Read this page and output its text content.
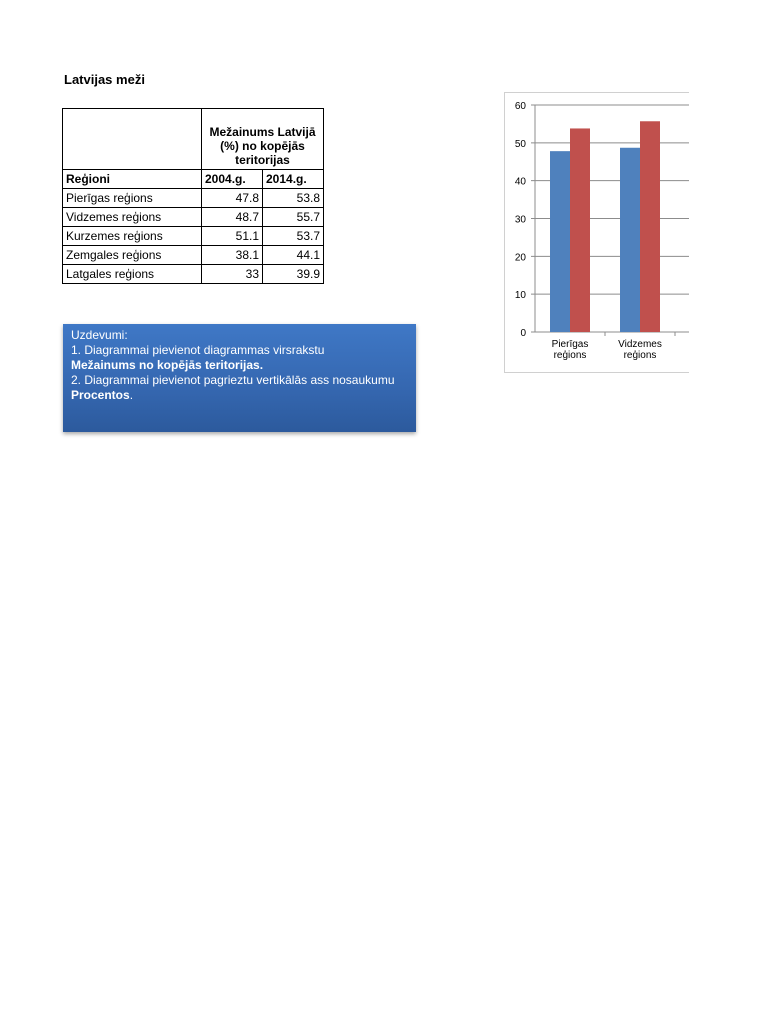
Latvijas meži
	Mežainums Latvijā (%) no kopējās teritorijas	
Reģioni	2004.g.	2014.g.
Pierīgas reģions	47.8	53.8
Vidzemes reģions	48.7	55.7
Kurzemes reģions	51.1	53.7
Zemgales reģions	38.1	44.1
Latgales reģions	33	39.9
Uzdevumi:
1. Diagrammai pievienot diagrammas virsrakstu
Mežainums no kopējās teritorijas.
2. Diagrammai pievienot pagrieztu vertikālās ass nosaukumu Procentos.
0
10
20
30
40
50
60
Pierīgas
reģions
Vidzemes
reģions
